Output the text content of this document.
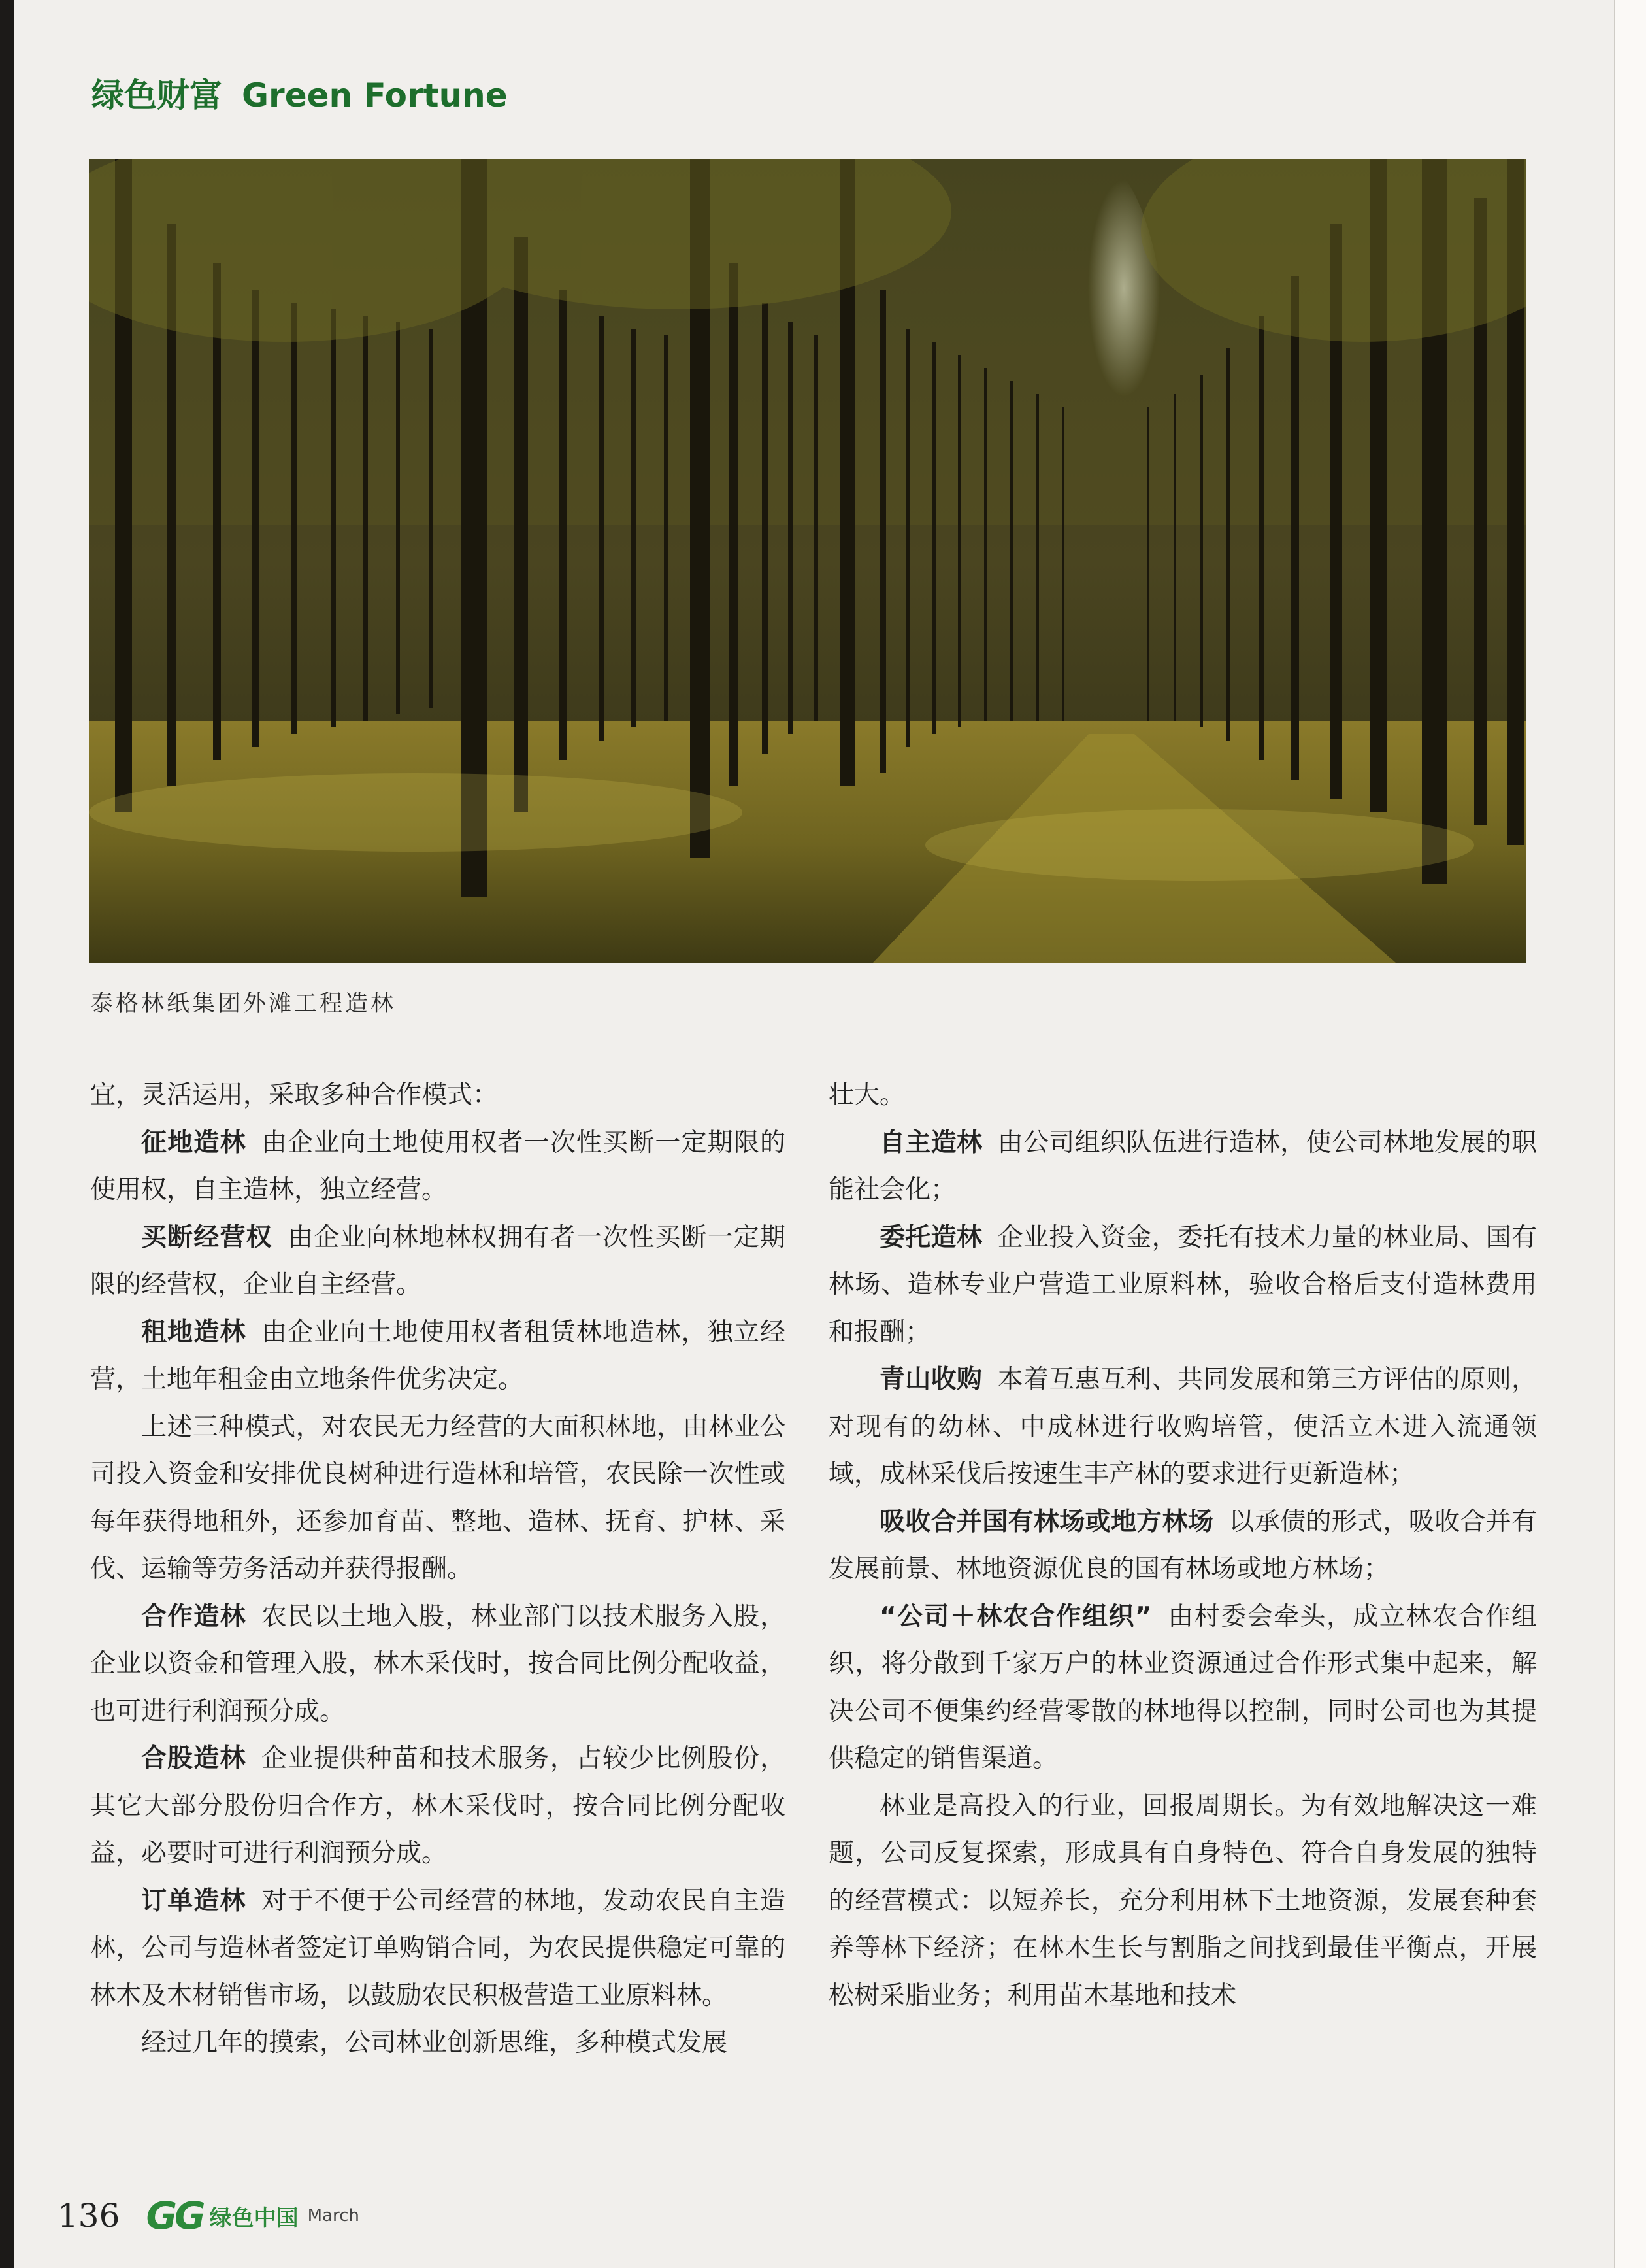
绿色财富 Green Fortune
泰格林纸集团外滩工程造林

宜，灵活运用，采取多种合作模式：

征地造林 由企业向土地使用权者一次性买断一定期限的使用权，自主造林，独立经营。

买断经营权 由企业向林地林权拥有者一次性买断一定期限的经营权，企业自主经营。

租地造林 由企业向土地使用权者租赁林地造林，独立经营，土地年租金由立地条件优劣决定。

上述三种模式，对农民无力经营的大面积林地，由林业公司投入资金和安排优良树种进行造林和培管，农民除一次性或每年获得地租外，还参加育苗、整地、造林、抚育、护林、采伐、运输等劳务活动并获得报酬。

合作造林 农民以土地入股，林业部门以技术服务入股，企业以资金和管理入股，林木采伐时，按合同比例分配收益，也可进行利润预分成。

合股造林 企业提供种苗和技术服务，占较少比例股份，其它大部分股份归合作方，林木采伐时，按合同比例分配收益，必要时可进行利润预分成。

订单造林 对于不便于公司经营的林地，发动农民自主造林，公司与造林者签定订单购销合同，为农民提供稳定可靠的林木及木材销售市场，以鼓励农民积极营造工业原料林。

经过几年的摸索，公司林业创新思维，多种模式发展

壮大。

自主造林 由公司组织队伍进行造林，使公司林地发展的职能社会化；

委托造林 企业投入资金，委托有技术力量的林业局、国有林场、造林专业户营造工业原料林，验收合格后支付造林费用和报酬；

青山收购 本着互惠互利、共同发展和第三方评估的原则，对现有的幼林、中成林进行收购培管，使活立木进入流通领域，成林采伐后按速生丰产林的要求进行更新造林；

吸收合并国有林场或地方林场 以承债的形式，吸收合并有发展前景、林地资源优良的国有林场或地方林场；

“公司＋林农合作组织” 由村委会牵头，成立林农合作组织，将分散到千家万户的林业资源通过合作形式集中起来，解决公司不便集约经营零散的林地得以控制，同时公司也为其提供稳定的销售渠道。

林业是高投入的行业，回报周期长。为有效地解决这一难题，公司反复探索，形成具有自身特色、符合自身发展的独特的经营模式：以短养长，充分利用林下土地资源，发展套种套养等林下经济；在林木生长与割脂之间找到最佳平衡点，开展松树采脂业务；利用苗木基地和技术

136 GG 绿色中国 March
